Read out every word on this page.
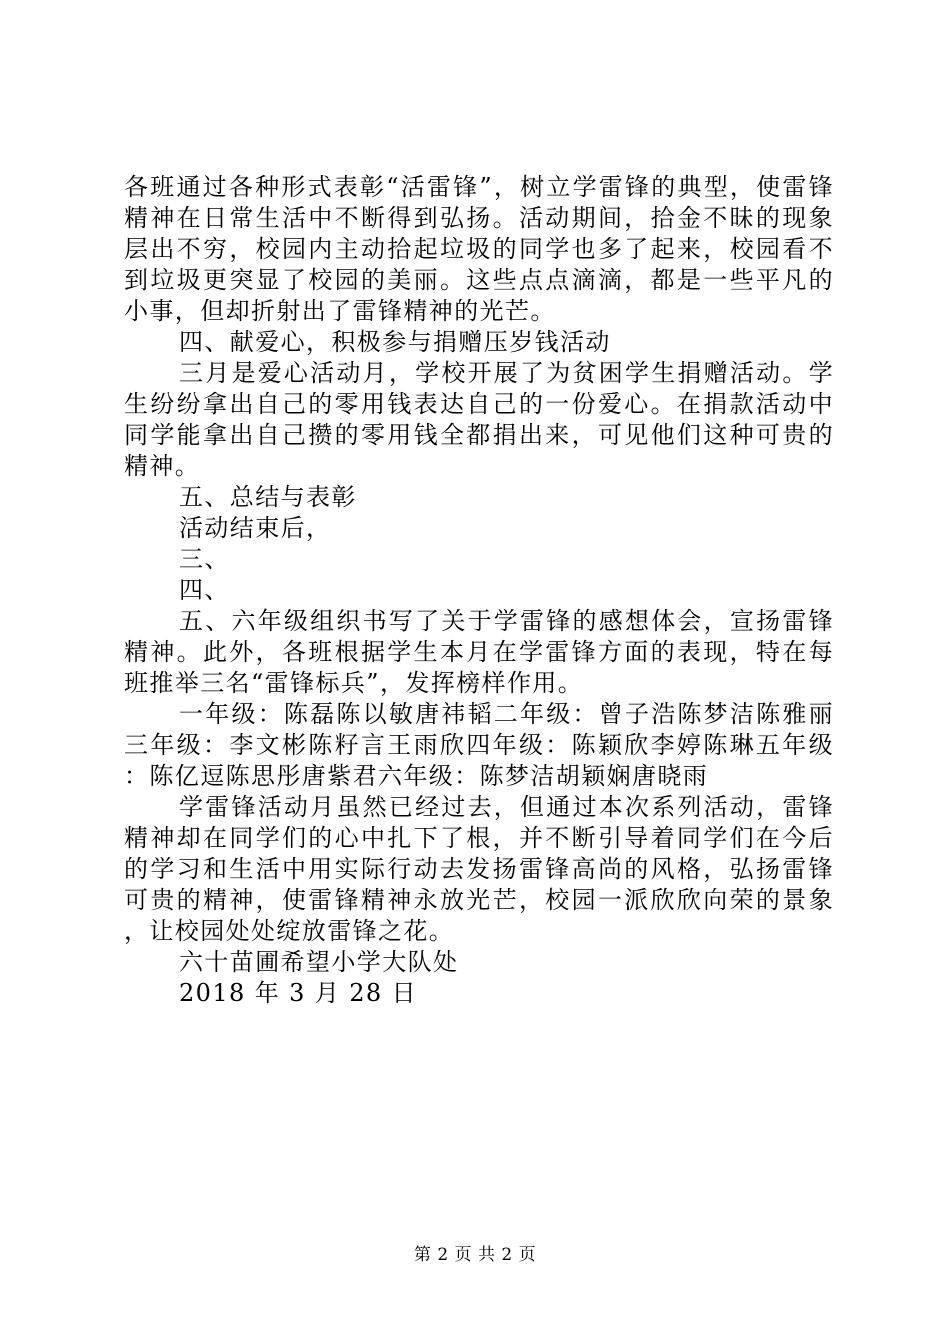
各班通过各种形式表彰“活雷锋”，树立学雷锋的典型，使雷锋精神在日常生活中不断得到弘扬。活动期间，拾金不昧的现象层出不穷，校园内主动拾起垃圾的同学也多了起来，校园看不到垃圾更突显了校园的美丽。这些点点滴滴，都是一些平凡的小事，但却折射出了雷锋精神的光芒。

四、献爱心，积极参与捐赠压岁钱活动

三月是爱心活动月，学校开展了为贫困学生捐赠活动。学生纷纷拿出自己的零用钱表达自己的一份爱心。在捐款活动中同学能拿出自己攒的零用钱全都捐出来，可见他们这种可贵的精神。

五、总结与表彰

活动结束后，

三、

四、

五、六年级组织书写了关于学雷锋的感想体会，宣扬雷锋精神。此外，各班根据学生本月在学雷锋方面的表现，特在每班推举三名“雷锋标兵”，发挥榜样作用。

一年级：陈磊陈以敏唐祎韬二年级：曾子浩陈梦洁陈雅丽三年级：李文彬陈籽言王雨欣四年级：陈颖欣李婷陈琳五年级：陈亿逗陈思彤唐紫君六年级：陈梦洁胡颖娴唐晓雨

学雷锋活动月虽然已经过去，但通过本次系列活动，雷锋精神却在同学们的心中扎下了根，并不断引导着同学们在今后的学习和生活中用实际行动去发扬雷锋高尚的风格，弘扬雷锋可贵的精神，使雷锋精神永放光芒，校园一派欣欣向荣的景象，让校园处处绽放雷锋之花。

六十苗圃希望小学大队处

2018 年 3 月 28 日

第 2 页 共 2 页
